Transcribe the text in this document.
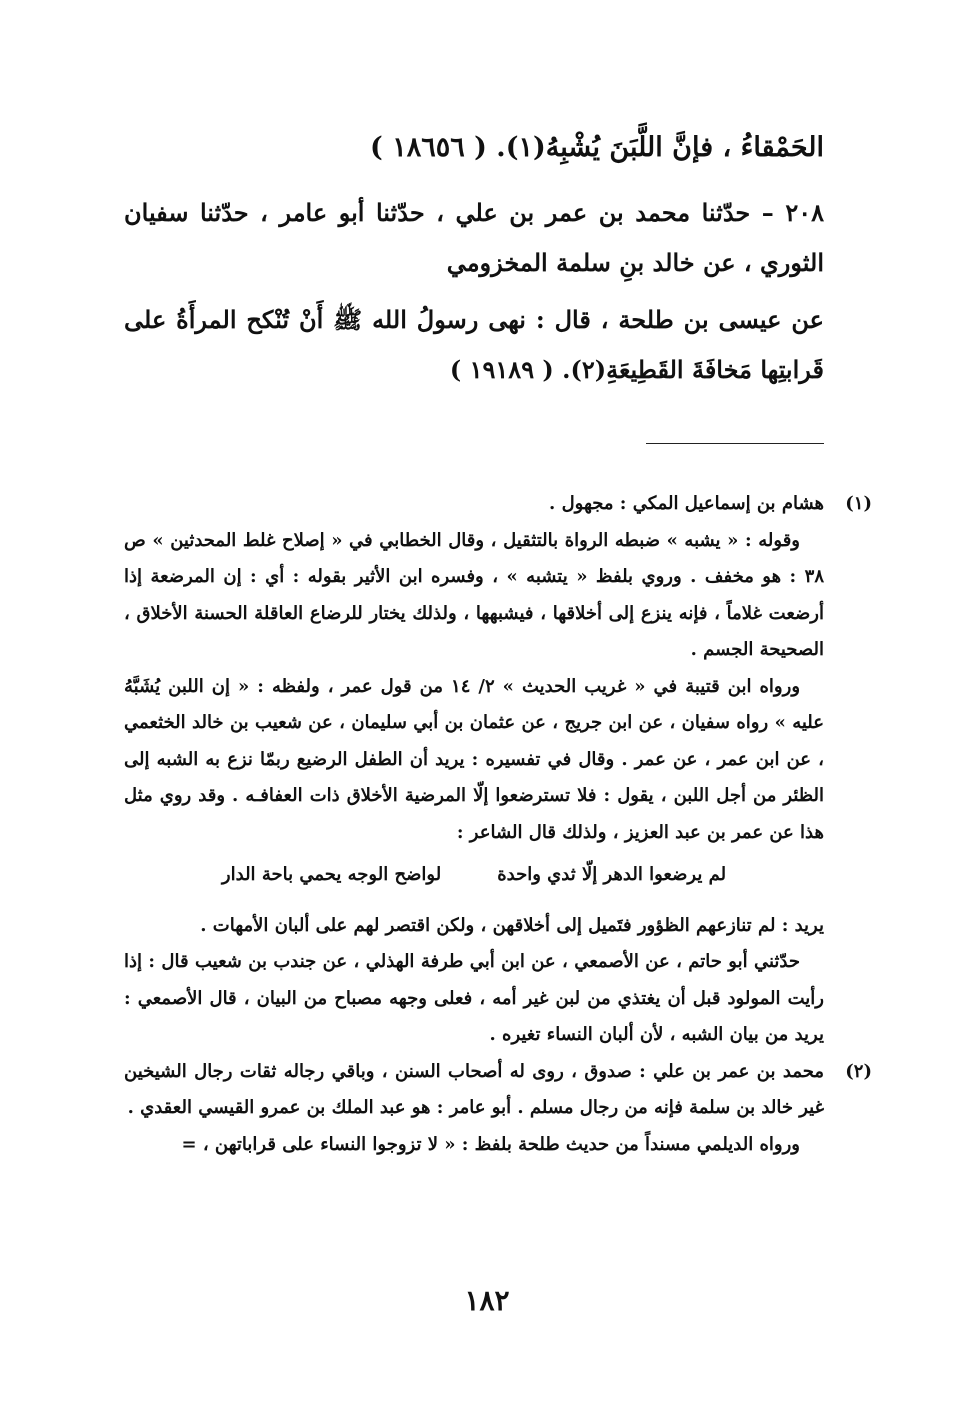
الحَمْقاءُ ، فإنَّ اللَّبَنَ يُشْبِهُ(١). ( ١٨٦٥٦ )
٢٠٨ – حدّثنا محمد بن عمر بن علي ، حدّثنا أبو عامر ، حدّثنا سفيان الثوري ، عن خالد بنِ سلمة المخزومي
عن عيسى بن طلحة ، قال : نهى رسولُ الله ﷺ أَنْ تُنْكح المرأَةُ على قَرابتِها مَخافَةَ القَطِيعَةِ(٢). ( ١٩١٨٩ )

(١)
هشام بن إسماعيل المكي : مجهول .

وقوله : « يشبه » ضبطه الرواة بالتثقيل ، وقال الخطابي في « إصلاح غلط المحدثين » ص ٣٨ : هو مخفف . وروي بلفظ « يتشبه » ، وفسره ابن الأثير بقوله : أي : إن المرضعة إذا أرضعت غلاماً ، فإنه ينزع إلى أخلاقها ، فيشبهها ، ولذلك يختار للرضاع العاقلة الحسنة الأخلاق ، الصحيحة الجسم .

ورواه ابن قتيبة في « غريب الحديث » ٢/ ١٤ من قول عمر ، ولفظه : « إن اللبن يُشَبَّهُ عليه » رواه سفيان ، عن ابن جريج ، عن عثمان بن أبي سليمان ، عن شعيب بن خالد الخثعمي ، عن ابن عمر ، عن عمر . وقال في تفسيره : يريد أن الطفل الرضيع ربمّا نزع به الشبه إلى الظئر من أجل اللبن ، يقول : فلا تسترضعوا إلّا المرضية الأخلاق ذات العفافـه . وقد روي مثل هذا عن عمر بن عبد العزيز ، ولذلك قال الشاعر :

لم يرضعوا الدهر إلّا ثدي واحدة
لواضح الوجه يحمي باحة الدار

يريد : لم تنازعهم الظؤور فتَميل إلى أخلاقهن ، ولكن اقتصر لهم على ألبان الأمهات .

حدّثني أبو حاتم ، عن الأصمعي ، عن ابن أبي طرفة الهذلي ، عن جندب بن شعيب قال : إذا رأيت المولود قبل أن يغتذي من لبن غير أمه ، فعلى وجهه مصباح من البيان ، قال الأصمعي : يريد من بيان الشبه ، لأن ألبان النساء تغيره .

(٢)
محمد بن عمر بن علي : صدوق ، روى له أصحاب السنن ، وباقي رجاله ثقات رجال الشيخين غير خالد بن سلمة فإنه من رجال مسلم . أبو عامر : هو عبد الملك بن عمرو القيسي العقدي .

ورواه الديلمي مسنداً من حديث طلحة بلفظ : « لا تزوجوا النساء على قراباتهن ، =

١٨٢
